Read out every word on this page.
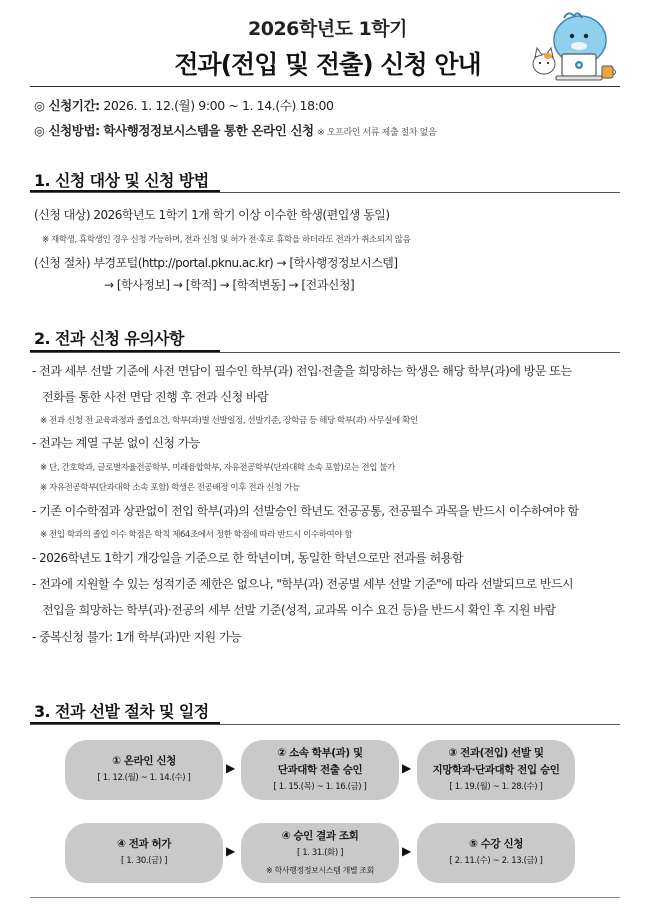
2026학년도 1학기
전과(전입 및 전출) 신청 안내
◎ 신청기간: 2026. 1. 12.(월) 9:00 ~ 1. 14.(수) 18:00
◎ 신청방법: 학사행정정보시스템을 통한 온라인 신청 ※ 오프라인 서류 제출 절차 없음
1. 신청 대상 및 신청 방법
(신청 대상) 2026학년도 1학기 1개 학기 이상 이수한 학생(편입생 동일)
※ 재학생, 휴학생인 경우 신청 가능하며, 전과 신청 및 허가 전·후로 휴학을 하더라도 전과가 취소되지 않음
(신청 절차) 부경포털(http://portal.pknu.ac.kr) → [학사행정정보시스템]
→ [학사정보] → [학적] → [학적변동] → [전과신청]
2. 전과 신청 유의사항
- 전과 세부 선발 기준에 사전 면담이 필수인 학부(과) 전입·전출을 희망하는 학생은 해당 학부(과)에 방문 또는
전화를 통한 사전 면담 진행 후 전과 신청 바람
※ 전과 신청 전 교육과정과 졸업요건, 학부(과)별 선발일정, 선발기준, 장학금 등 해당 학부(과) 사무실에 확인
- 전과는 계열 구분 없이 신청 가능
※ 단, 간호학과, 글로벌자율전공학부, 미래융합학부, 자유전공학부(단과대학 소속 포함)로는 전입 불가
※ 자유전공학부(단과대학 소속 포함) 학생은 전공배정 이후 전과 신청 가능
- 기존 이수학점과 상관없이 전입 학부(과)의 선발승인 학년도 전공공통, 전공필수 과목을 반드시 이수하여야 함
※ 전입 학과의 졸업 이수 학점은 학칙 제64조에서 정한 학점에 따라 반드시 이수하여야 함
- 2026학년도 1학기 개강일을 기준으로 한 학년이며, 동일한 학년으로만 전과를 허용함
- 전과에 지원할 수 있는 성적기준 제한은 없으나, "학부(과) 전공별 세부 선발 기준"에 따라 선발되므로 반드시
전입을 희망하는 학부(과)·전공의 세부 선발 기준(성적, 교과목 이수 요건 등)을 반드시 확인 후 지원 바람
- 중복신청 불가: 1개 학부(과)만 지원 가능
3. 전과 선발 절차 및 일정
① 온라인 신청
[ 1. 12.(월) ~ 1. 14.(수) ]
▶
② 소속 학부(과) 및
단과대학 전출 승인
[ 1. 15.(목) ~ 1. 16.(금) ]
▶
③ 전과(전입) 선발 및
지망학과·단과대학 전입 승인
[ 1. 19.(월) ~ 1. 28.(수) ]
④ 전과 허가
[ 1. 30.(금) ]
▶
④ 승인 결과 조회
[ 1. 31.(화) ]
※ 학사행정정보시스템 개별 조회
▶	⑤ 수강 신청
[ 2. 11.(수) ~ 2. 13.(금) ]
